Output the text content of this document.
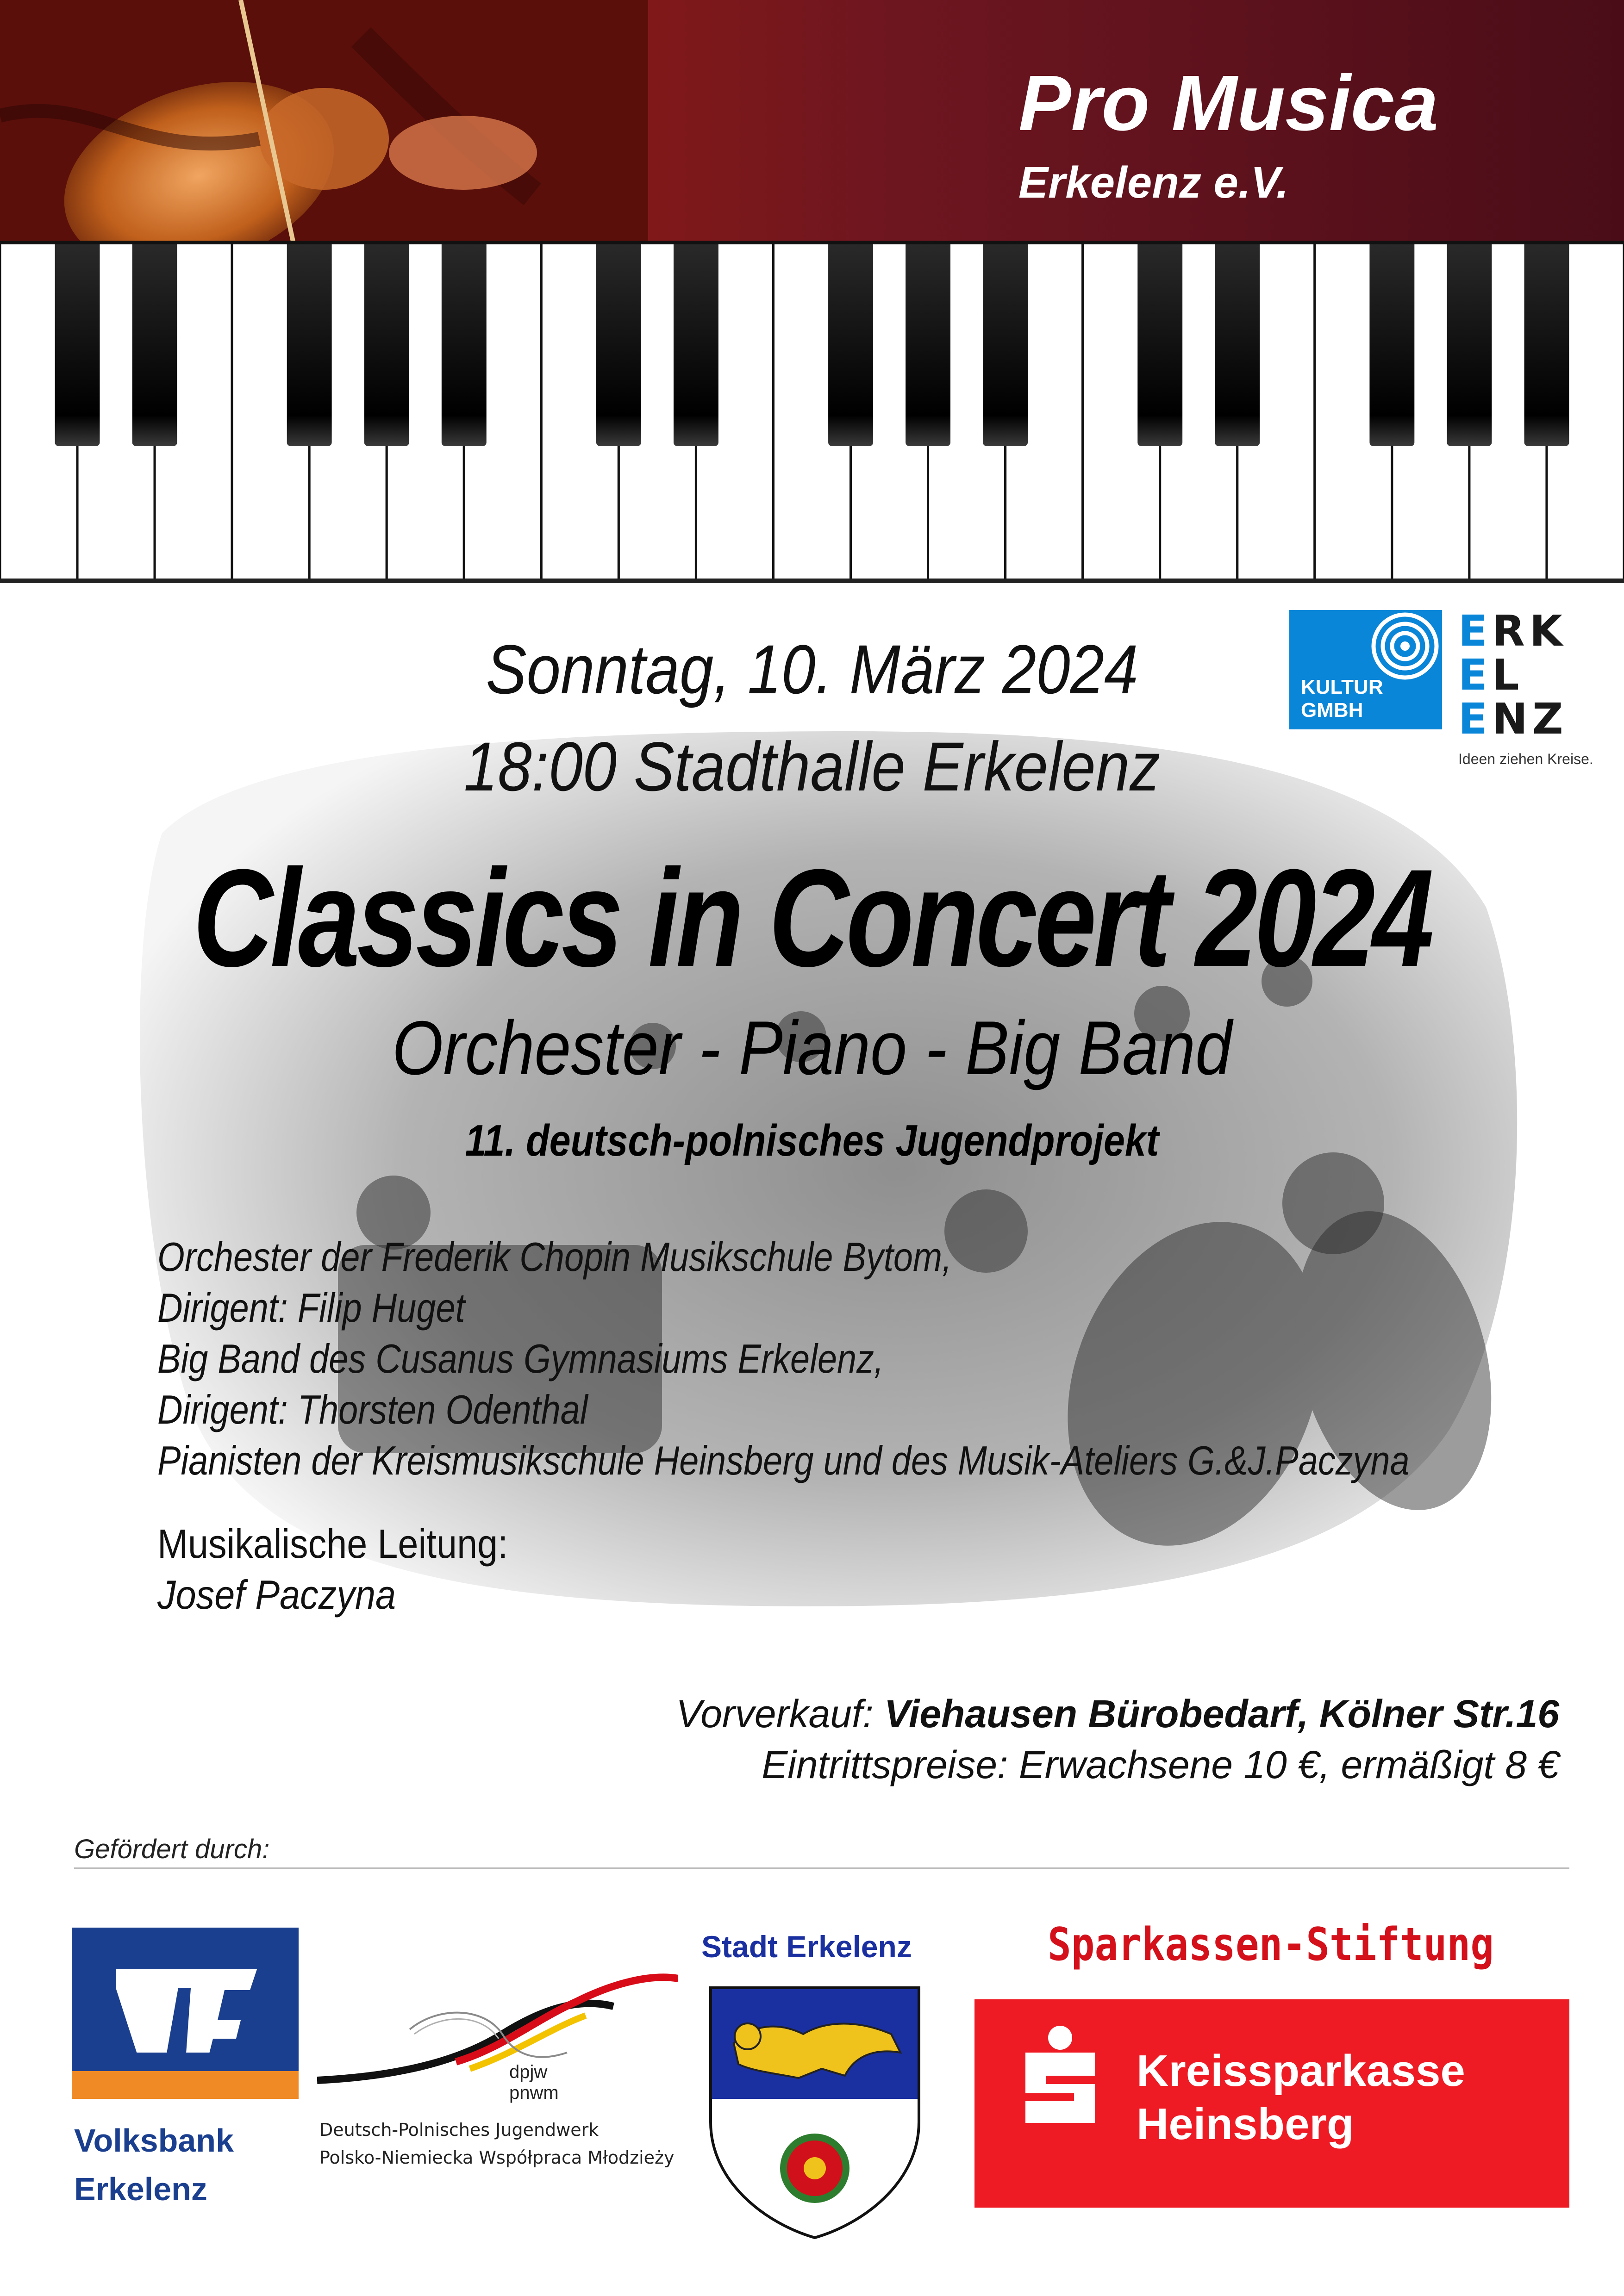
Pro Musica
Erkelenz e.V.
KULTUR
GMBH
ERK
EL
ENZ
Ideen ziehen Kreise.
Sonntag, 10. März 2024
18:00 Stadthalle Erkelenz
Classics in Concert 2024
Orchester - Piano - Big Band
11. deutsch-polnisches Jugendprojekt
Orchester der Frederik Chopin Musikschule Bytom,
Dirigent: Filip Huget
Big Band des Cusanus Gymnasiums Erkelenz,
Dirigent: Thorsten Odenthal
Pianisten der Kreismusikschule Heinsberg und des Musik-Ateliers G.&J.Paczyna
Musikalische Leitung:
Josef Paczyna
Vorverkauf: Viehausen Bürobedarf, Kölner Str.16
Eintrittspreise: Erwachsene 10 €, ermäßigt 8 €
Gefördert durch:
Volksbank
Erkelenz
dpjw
pnwm
Deutsch-Polnisches Jugendwerk
Polsko-Niemiecka Współpraca Młodzieży
Stadt Erkelenz	Sparkassen-Stiftung
Kreissparkasse
Heinsberg
